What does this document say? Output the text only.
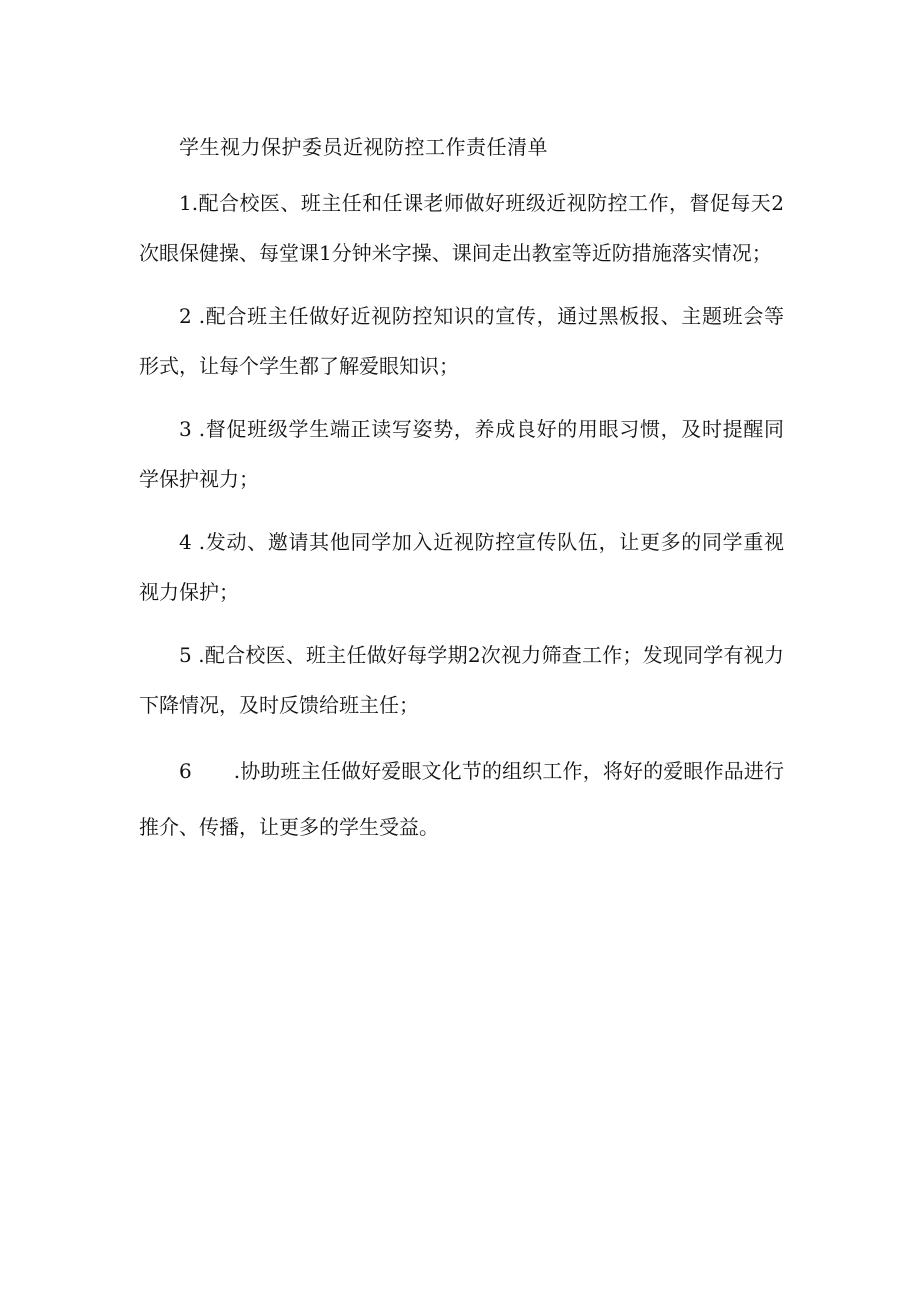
学生视力保护委员近视防控工作责任清单

1.配合校医、班主任和任课老师做好班级近视防控工作，督促每天2次眼保健操、每堂课1分钟米字操、课间走出教室等近防措施落实情况；

2 .配合班主任做好近视防控知识的宣传，通过黑板报、主题班会等形式，让每个学生都了解爱眼知识；

3 .督促班级学生端正读写姿势，养成良好的用眼习惯，及时提醒同学保护视力；

4 .发动、邀请其他同学加入近视防控宣传队伍，让更多的同学重视视力保护；

5 .配合校医、班主任做好每学期2次视力筛查工作；发现同学有视力下降情况，及时反馈给班主任；

6 .协助班主任做好爱眼文化节的组织工作，将好的爱眼作品进行推介、传播，让更多的学生受益。
